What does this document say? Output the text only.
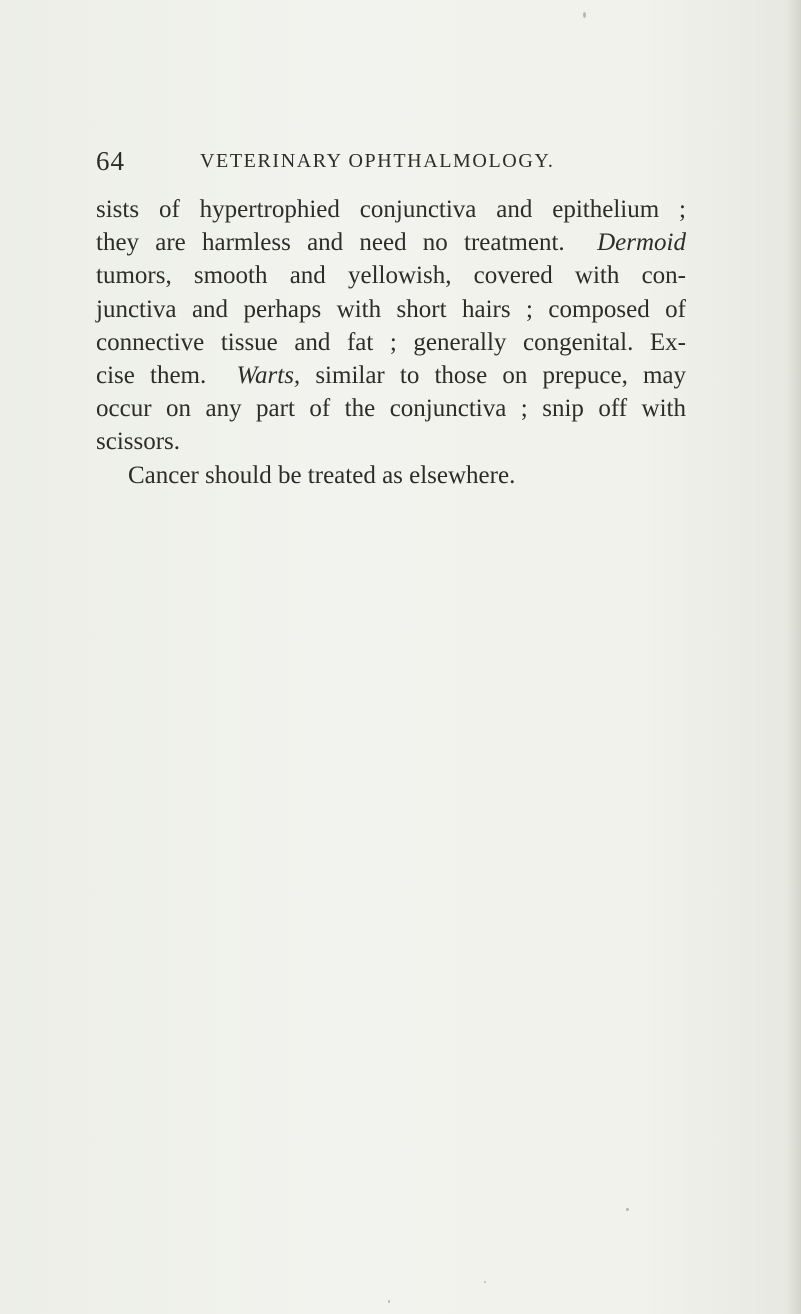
64	VETERINARY OPHTHALMOLOGY.
sists of hypertrophied conjunctiva and epithelium ;
they are harmless and need no treatment. Dermoid
tumors, smooth and yellowish, covered with con-
junctiva and perhaps with short hairs ; composed of
connective tissue and fat ; generally congenital. Ex-
cise them. Warts, similar to those on prepuce, may
occur on any part of the conjunctiva ; snip off with
scissors.
Cancer should be treated as elsewhere.
